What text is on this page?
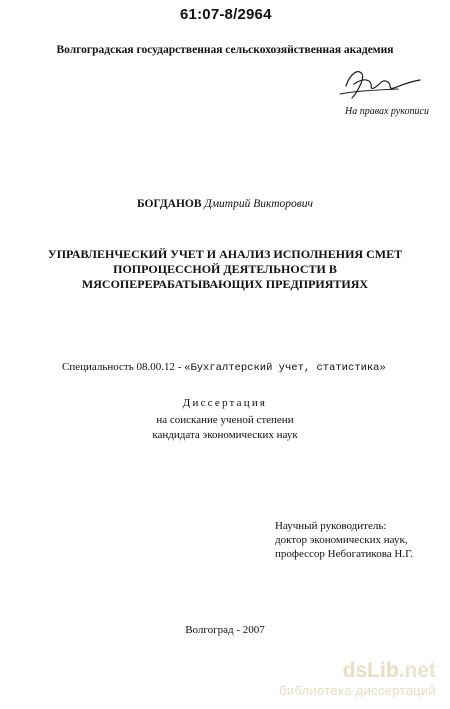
61:07-8/2964
Волгоградская государственная сельскохозяйственная академия
На правах рукописи
БОГДАНОВ Дмитрий Викторович
УПРАВЛЕНЧЕСКИЙ УЧЕТ И АНАЛИЗ ИСПОЛНЕНИЯ СМЕТ
ПОПРОЦЕССНОЙ ДЕЯТЕЛЬНОСТИ В
МЯСОПЕРЕРАБАТЫВАЮЩИХ ПРЕДПРИЯТИЯХ
Специальность 08.00.12 - «Бухгалтерский учет, статистика»
Диссертация
на соискание ученой степени
кандидата экономических наук
Научный руководитель:
доктор экономических наук,
профессор Небогатикова Н.Г.
Волгоград - 2007
dsLib.net
библиотека диссертаций
